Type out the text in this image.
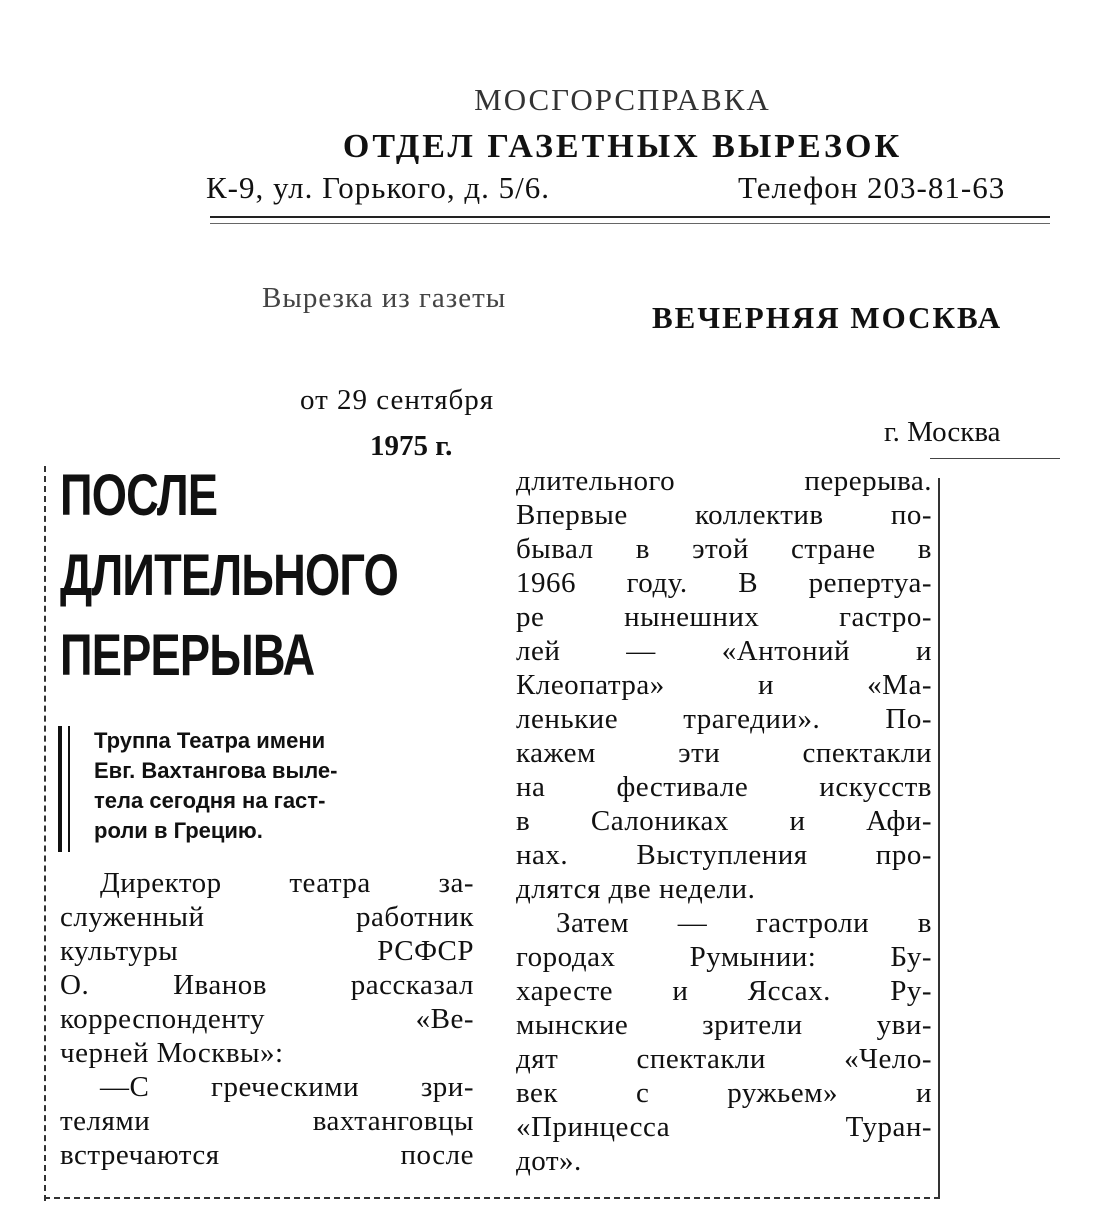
МОСГОРСПРАВКА
ОТДЕЛ ГАЗЕТНЫХ ВЫРЕЗОК
К-9, ул. Горького, д. 5/6.	Телефон 203-81-63
Вырезка из газеты
ВЕЧЕРНЯЯ МОСКВА
от 29 сентября
1975 г.	г. Москва
ПОСЛЕ
ДЛИТЕЛЬНОГО
ПЕРЕРЫВА
Труппа Театра имени
Евг. Вахтангова выле-
тела сегодня на гаст-
роли в Грецию.
Директор театра за-
служенный работник
культуры РСФСР
О. Иванов рассказал
корреспонденту «Ве-
черней Москвы»:
—С греческими зри-
телями вахтанговцы
встречаются после
длительного перерыва.
Впервые коллектив по-
бывал в этой стране в
1966 году. В репертуа-
ре нынешних гастро-
лей — «Антоний и
Клеопатра» и «Ма-
ленькие трагедии». По-
кажем эти спектакли
на фестивале искусств
в Салониках и Афи-
нах. Выступления про-
длятся две недели.
Затем — гастроли в
городах Румынии: Бу-
харесте и Яссах. Ру-
мынские зрители уви-
дят спектакли «Чело-
век с ружьем» и
«Принцесса Туран-
дот».
